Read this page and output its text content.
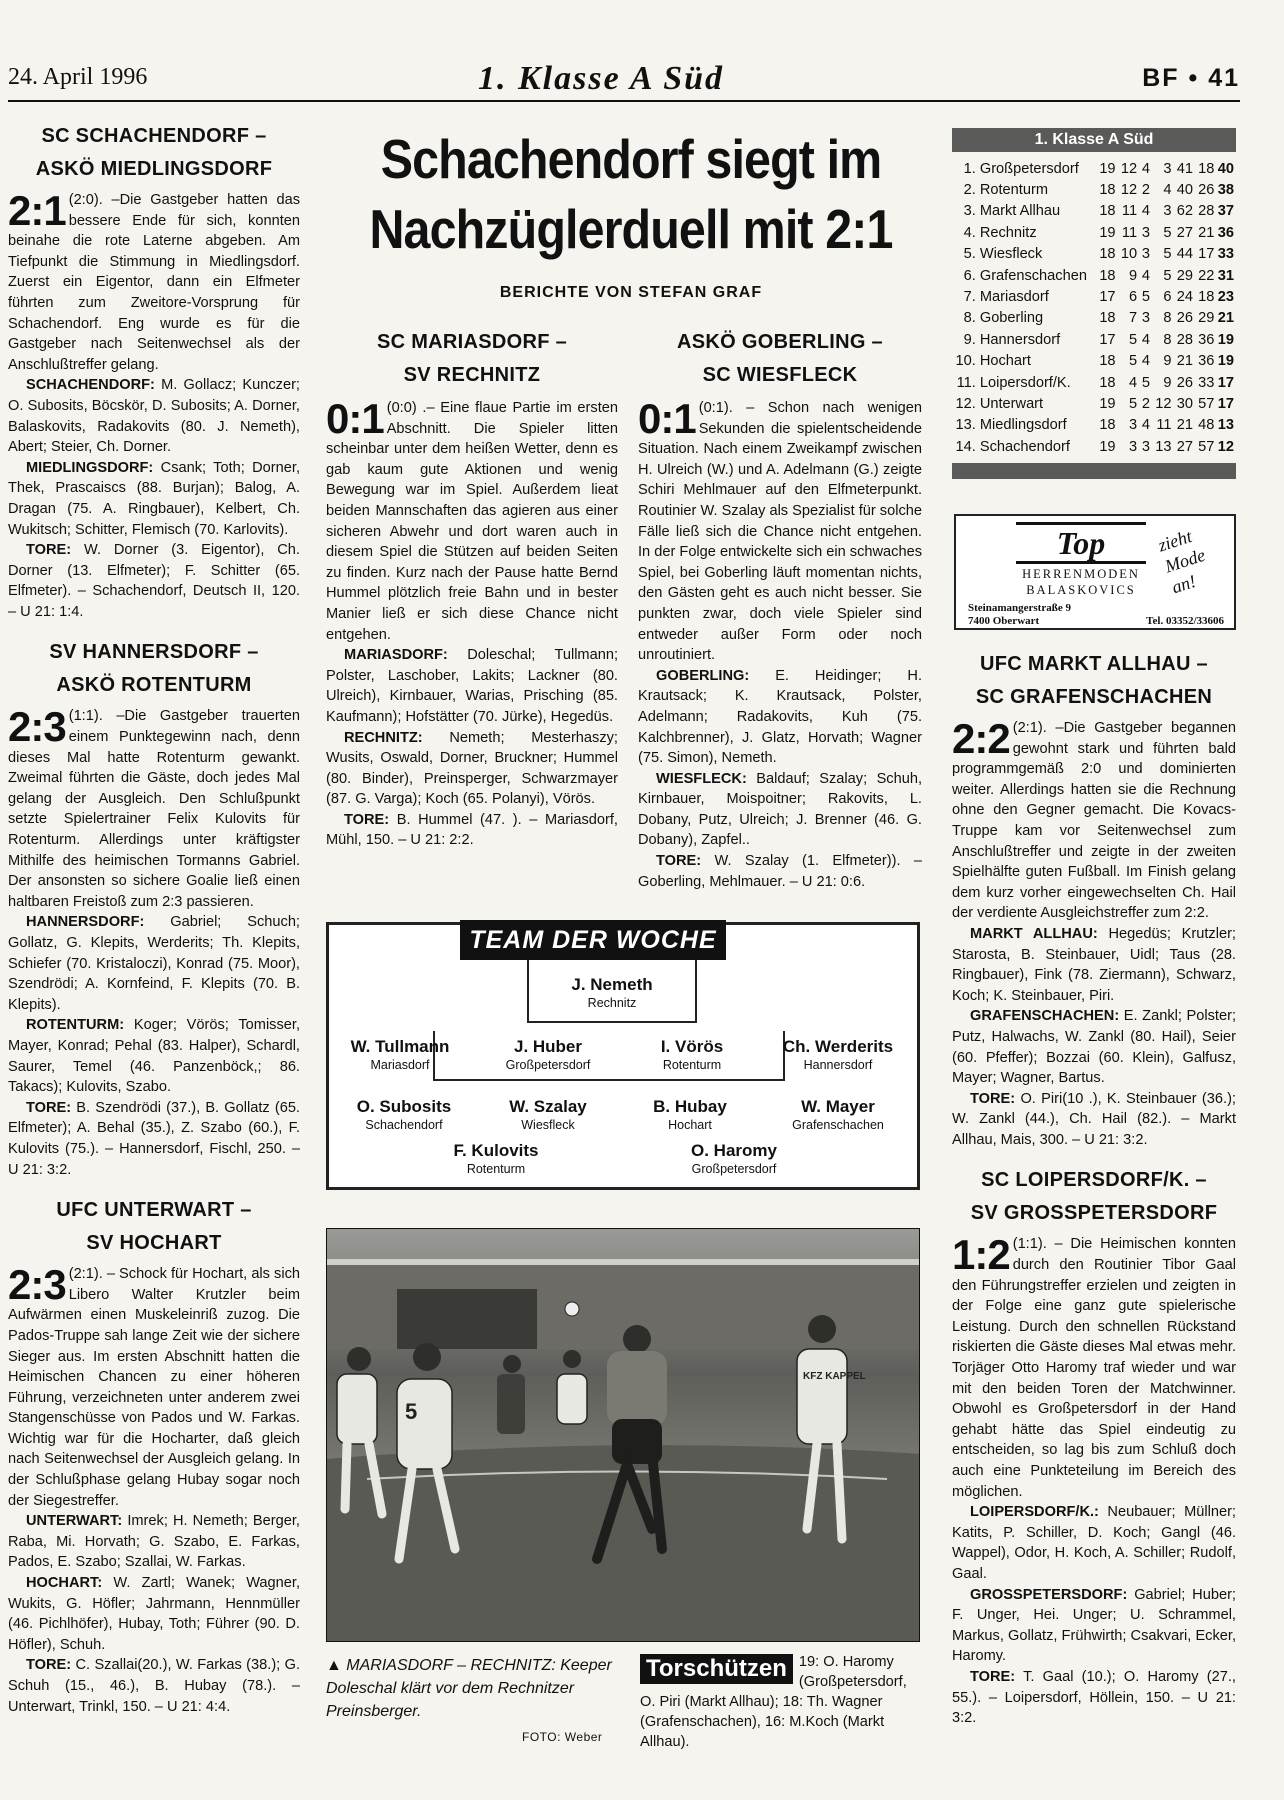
24. April 1996	1. Klasse A Süd	BF • 41
SC SCHACHENDORF –
ASKÖ MIEDLINGSDORF
2:1 (2:0). –Die Gastgeber hatten das bessere Ende für sich, konnten beinahe die rote Laterne abgeben. Am Tiefpunkt die Stimmung in Miedlingsdorf. Zuerst ein Eigentor, dann ein Elfmeter führten zum Zweitore-Vorsprung für Schachendorf. Eng wurde es für die Gastgeber nach Seitenwechsel als der Anschlußtreffer gelang.

SCHACHENDORF: M. Gollacz; Kunczer; O. Subosits, Böcskör, D. Subosits; A. Dorner, Balaskovits, Radakovits (80. J. Nemeth), Abert; Steier, Ch. Dorner.

MIEDLINGSDORF: Csank; Toth; Dorner, Thek, Prascaiscs (88. Burjan); Balog, A. Dragan (75. A. Ringbauer), Kelbert, Ch. Wukitsch; Schitter, Flemisch (70. Karlovits).

TORE: W. Dorner (3. Eigentor), Ch. Dorner (13. Elfmeter); F. Schitter (65. Elfmeter). – Schachendorf, Deutsch II, 120. – U 21: 1:4.

SV HANNERSDORF –
ASKÖ ROTENTURM
2:3 (1:1). –Die Gastgeber trauerten einem Punktegewinn nach, denn dieses Mal hatte Rotenturm gewankt. Zweimal führten die Gäste, doch jedes Mal gelang der Ausgleich. Den Schlußpunkt setzte Spielertrainer Felix Kulovits für Rotenturm. Allerdings unter kräftigster Mithilfe des heimischen Tormanns Gabriel. Der ansonsten so sichere Goalie ließ einen haltbaren Freistoß zum 2:3 passieren.

HANNERSDORF: Gabriel; Schuch; Gollatz, G. Klepits, Werderits; Th. Klepits, Schiefer (70. Kristaloczi), Konrad (75. Moor), Szendrödi; A. Kornfeind, F. Klepits (70. B. Klepits).

ROTENTURM: Koger; Vörös; Tomisser, Mayer, Konrad; Pehal (83. Halper), Schardl, Saurer, Temel (46. Panzenböck,; 86. Takacs); Kulovits, Szabo.

TORE: B. Szendrödi (37.), B. Gollatz (65. Elfmeter); A. Behal (35.), Z. Szabo (60.), F. Kulovits (75.). – Hannersdorf, Fischl, 250. – U 21: 3:2.

UFC UNTERWART –
SV HOCHART
2:3 (2:1). – Schock für Hochart, als sich Libero Walter Krutzler beim Aufwärmen einen Muskeleinriß zuzog. Die Pados-Truppe sah lange Zeit wie der sichere Sieger aus. Im ersten Abschnitt hatten die Heimischen Chancen zu einer höheren Führung, verzeichneten unter anderem zwei Stangenschüsse von Pados und W. Farkas. Wichtig war für die Hocharter, daß gleich nach Seitenwechsel der Ausgleich gelang. In der Schlußphase gelang Hubay sogar noch der Siegestreffer.

UNTERWART: Imrek; H. Nemeth; Berger, Raba, Mi. Horvath; G. Szabo, E. Farkas, Pados, E. Szabo; Szallai, W. Farkas.

HOCHART: W. Zartl; Wanek; Wagner, Wukits, G. Höfler; Jahrmann, Hennmüller (46. Pichlhöfer), Hubay, Toth; Führer (90. D. Höfler), Schuh.

TORE: C. Szallai(20.), W. Farkas (38.); G. Schuh (15., 46.), B. Hubay (78.). – Unterwart, Trinkl, 150. – U 21: 4:4.

Schachendorf siegt im Nachzüglerduell mit 2:1
BERICHTE VON STEFAN GRAF
SC MARIASDORF –
SV RECHNITZ
0:1 (0:0) .– Eine flaue Partie im ersten Abschnitt. Die Spieler litten scheinbar unter dem heißen Wetter, denn es gab kaum gute Aktionen und wenig Bewegung war im Spiel. Außerdem lieat beiden Mannschaften das agieren aus einer sicheren Abwehr und dort waren auch in diesem Spiel die Stützen auf beiden Seiten zu finden. Kurz nach der Pause hatte Bernd Hummel plötzlich freie Bahn und in bester Manier ließ er sich diese Chance nicht entgehen.

MARIASDORF: Doleschal; Tullmann; Polster, Laschober, Lakits; Lackner (80. Ulreich), Kirnbauer, Warias, Prisching (85. Kaufmann); Hofstätter (70. Jürke), Hegedüs.

RECHNITZ: Nemeth; Mesterhaszy; Wusits, Oswald, Dorner, Bruckner; Hummel (80. Binder), Preinsperger, Schwarzmayer (87. G. Varga); Koch (65. Polanyi), Vörös.

TORE: B. Hummel (47. ). – Mariasdorf, Mühl, 150. – U 21: 2:2.

ASKÖ GOBERLING –
SC WIESFLECK
0:1 (0:1). – Schon nach wenigen Sekunden die spielentscheidende Situation. Nach einem Zweikampf zwischen H. Ulreich (W.) und A. Adelmann (G.) zeigte Schiri Mehlmauer auf den Elfmeterpunkt. Routinier W. Szalay als Spezialist für solche Fälle ließ sich die Chance nicht entgehen. In der Folge entwickelte sich ein schwaches Spiel, bei Goberling läuft momentan nichts, den Gästen geht es auch nicht besser. Sie punkten zwar, doch viele Spieler sind entweder außer Form oder noch unroutiniert.

GOBERLING: E. Heidinger; H. Krautsack; K. Krautsack, Polster, Adelmann; Radakovits, Kuh (75. Kalchbrenner), J. Glatz, Horvath; Wagner (75. Simon), Nemeth.

WIESFLECK: Baldauf; Szalay; Schuh, Kirnbauer, Moispoitner; Rakovits, L. Dobany, Putz, Ulreich; J. Brenner (46. G. Dobany), Zapfel..

TORE: W. Szalay (1. Elfmeter)). – Goberling, Mehlmauer. – U 21: 0:6.

TEAM DER WOCHE
J. Nemeth
Rechnitz
W. Tullmann
Mariasdorf
J. Huber
Großpetersdorf
I. Vörös
Rotenturm
Ch. Werderits
Hannersdorf
O. Subosits
Schachendorf
W. Szalay
Wiesfleck
B. Hubay
Hochart
W. Mayer
Grafenschachen
F. Kulovits
Rotenturm
O. Haromy
Großpetersdorf
5
KFZ KAPPEL
▲ MARIASDORF – RECHNITZ: Keeper Doleschal klärt vor dem Rechnitzer Preinsberger.
FOTO: Weber
Torschützen 19: O. Haromy (Großpetersdorf, O. Piri (Markt Allhau); 18: Th. Wagner (Grafenschachen), 16: M.Koch (Markt Allhau).
1. Klasse A Süd
1.	Großpetersdorf	19	12	4	3	41	18	40
2.	Rotenturm	18	12	2	4	40	26	38
3.	Markt Allhau	18	11	4	3	62	28	37
4.	Rechnitz	19	11	3	5	27	21	36
5.	Wiesfleck	18	10	3	5	44	17	33
6.	Grafenschachen	18	9	4	5	29	22	31
7.	Mariasdorf	17	6	5	6	24	18	23
8.	Goberling	18	7	3	8	26	29	21
9.	Hannersdorf	17	5	4	8	28	36	19
10.	Hochart	18	5	4	9	21	36	19
11.	Loipersdorf/K.	18	4	5	9	26	33	17
12.	Unterwart	19	5	2	12	30	57	17
13.	Miedlingsdorf	18	3	4	11	21	48	13
14.	Schachendorf	19	3	3	13	27	57	12
Top
HERRENMODEN
BALASKOVICS
zieht Mode an!
Steinamangerstraße 9
7400 Oberwart	Tel. 03352/33606
UFC MARKT ALLHAU –
SC GRAFENSCHACHEN
2:2 (2:1). –Die Gastgeber begannen gewohnt stark und führten bald programmgemäß 2:0 und dominierten weiter. Allerdings hatten sie die Rechnung ohne den Gegner gemacht. Die Kovacs-Truppe kam vor Seitenwechsel zum Anschlußtreffer und zeigte in der zweiten Spielhälfte guten Fußball. Im Finish gelang dem kurz vorher eingewechselten Ch. Hail der verdiente Ausgleichstreffer zum 2:2.

MARKT ALLHAU: Hegedüs; Krutzler; Starosta, B. Steinbauer, Uidl; Taus (28. Ringbauer), Fink (78. Ziermann), Schwarz, Koch; K. Steinbauer, Piri.

GRAFENSCHACHEN: E. Zankl; Polster; Putz, Halwachs, W. Zankl (80. Hail), Seier (60. Pfeffer); Bozzai (60. Klein), Galfusz, Mayer; Wagner, Bartus.

TORE: O. Piri(10 .), K. Steinbauer (36.); W. Zankl (44.), Ch. Hail (82.). – Markt Allhau, Mais, 300. – U 21: 3:2.

SC LOIPERSDORF/K. –
SV GROSSPETERSDORF
1:2 (1:1). – Die Heimischen konnten durch den Routinier Tibor Gaal den Führungstreffer erzielen und zeigten in der Folge eine ganz gute spielerische Leistung. Durch den schnellen Rückstand riskierten die Gäste dieses Mal etwas mehr. Torjäger Otto Haromy traf wieder und war mit den beiden Toren der Matchwinner. Obwohl es Großpetersdorf in der Hand gehabt hätte das Spiel eindeutig zu entscheiden, so lag bis zum Schluß doch auch eine Punkteteilung im Bereich des möglichen.

LOIPERSDORF/K.: Neubauer; Müllner; Katits, P. Schiller, D. Koch; Gangl (46. Wappel), Odor, H. Koch, A. Schiller; Rudolf, Gaal.

GROSSPETERSDORF: Gabriel; Huber; F. Unger, Hei. Unger; U. Schrammel, Markus, Gollatz, Frühwirth; Csakvari, Ecker, Haromy.

TORE: T. Gaal (10.); O. Haromy (27., 55.). – Loipersdorf, Höllein, 150. – U 21: 3:2.
